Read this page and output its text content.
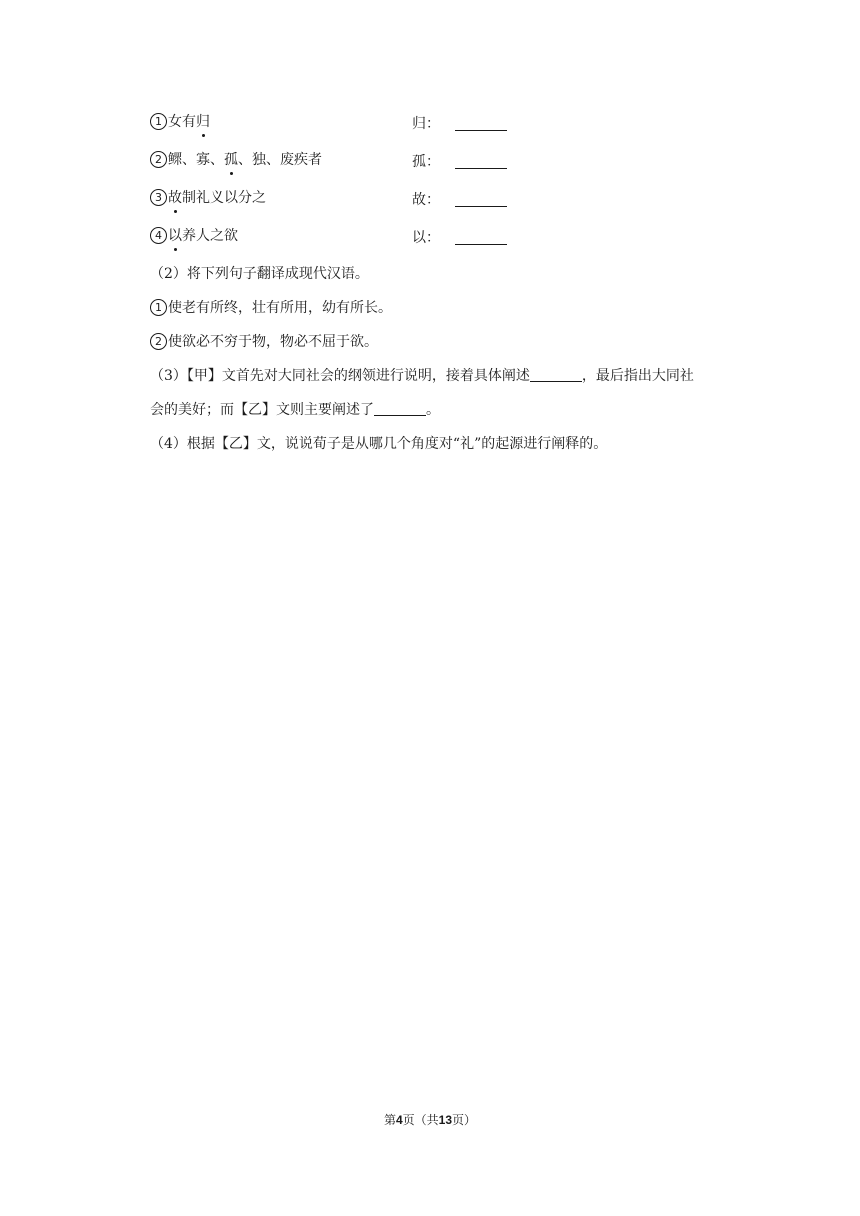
1 女有归	归：
2 鳏、寡、孤、独、废疾者	孤：
3 故制礼义以分之	故：
4 以养人之欲	以：
（2）将下列句子翻译成现代汉语。
1 使老有所终，壮有所用，幼有所长。
2 使欲必不穷于物，物必不屈于欲。
（3）【甲】文首先对大同社会的纲领进行说明，接着具体阐述	，最后指出大同社
会的美好；而【乙】文则主要阐述了	。
（4）根据【乙】文，说说荀子是从哪几个角度对“礼”的起源进行阐释的。
第4页（共13页）
